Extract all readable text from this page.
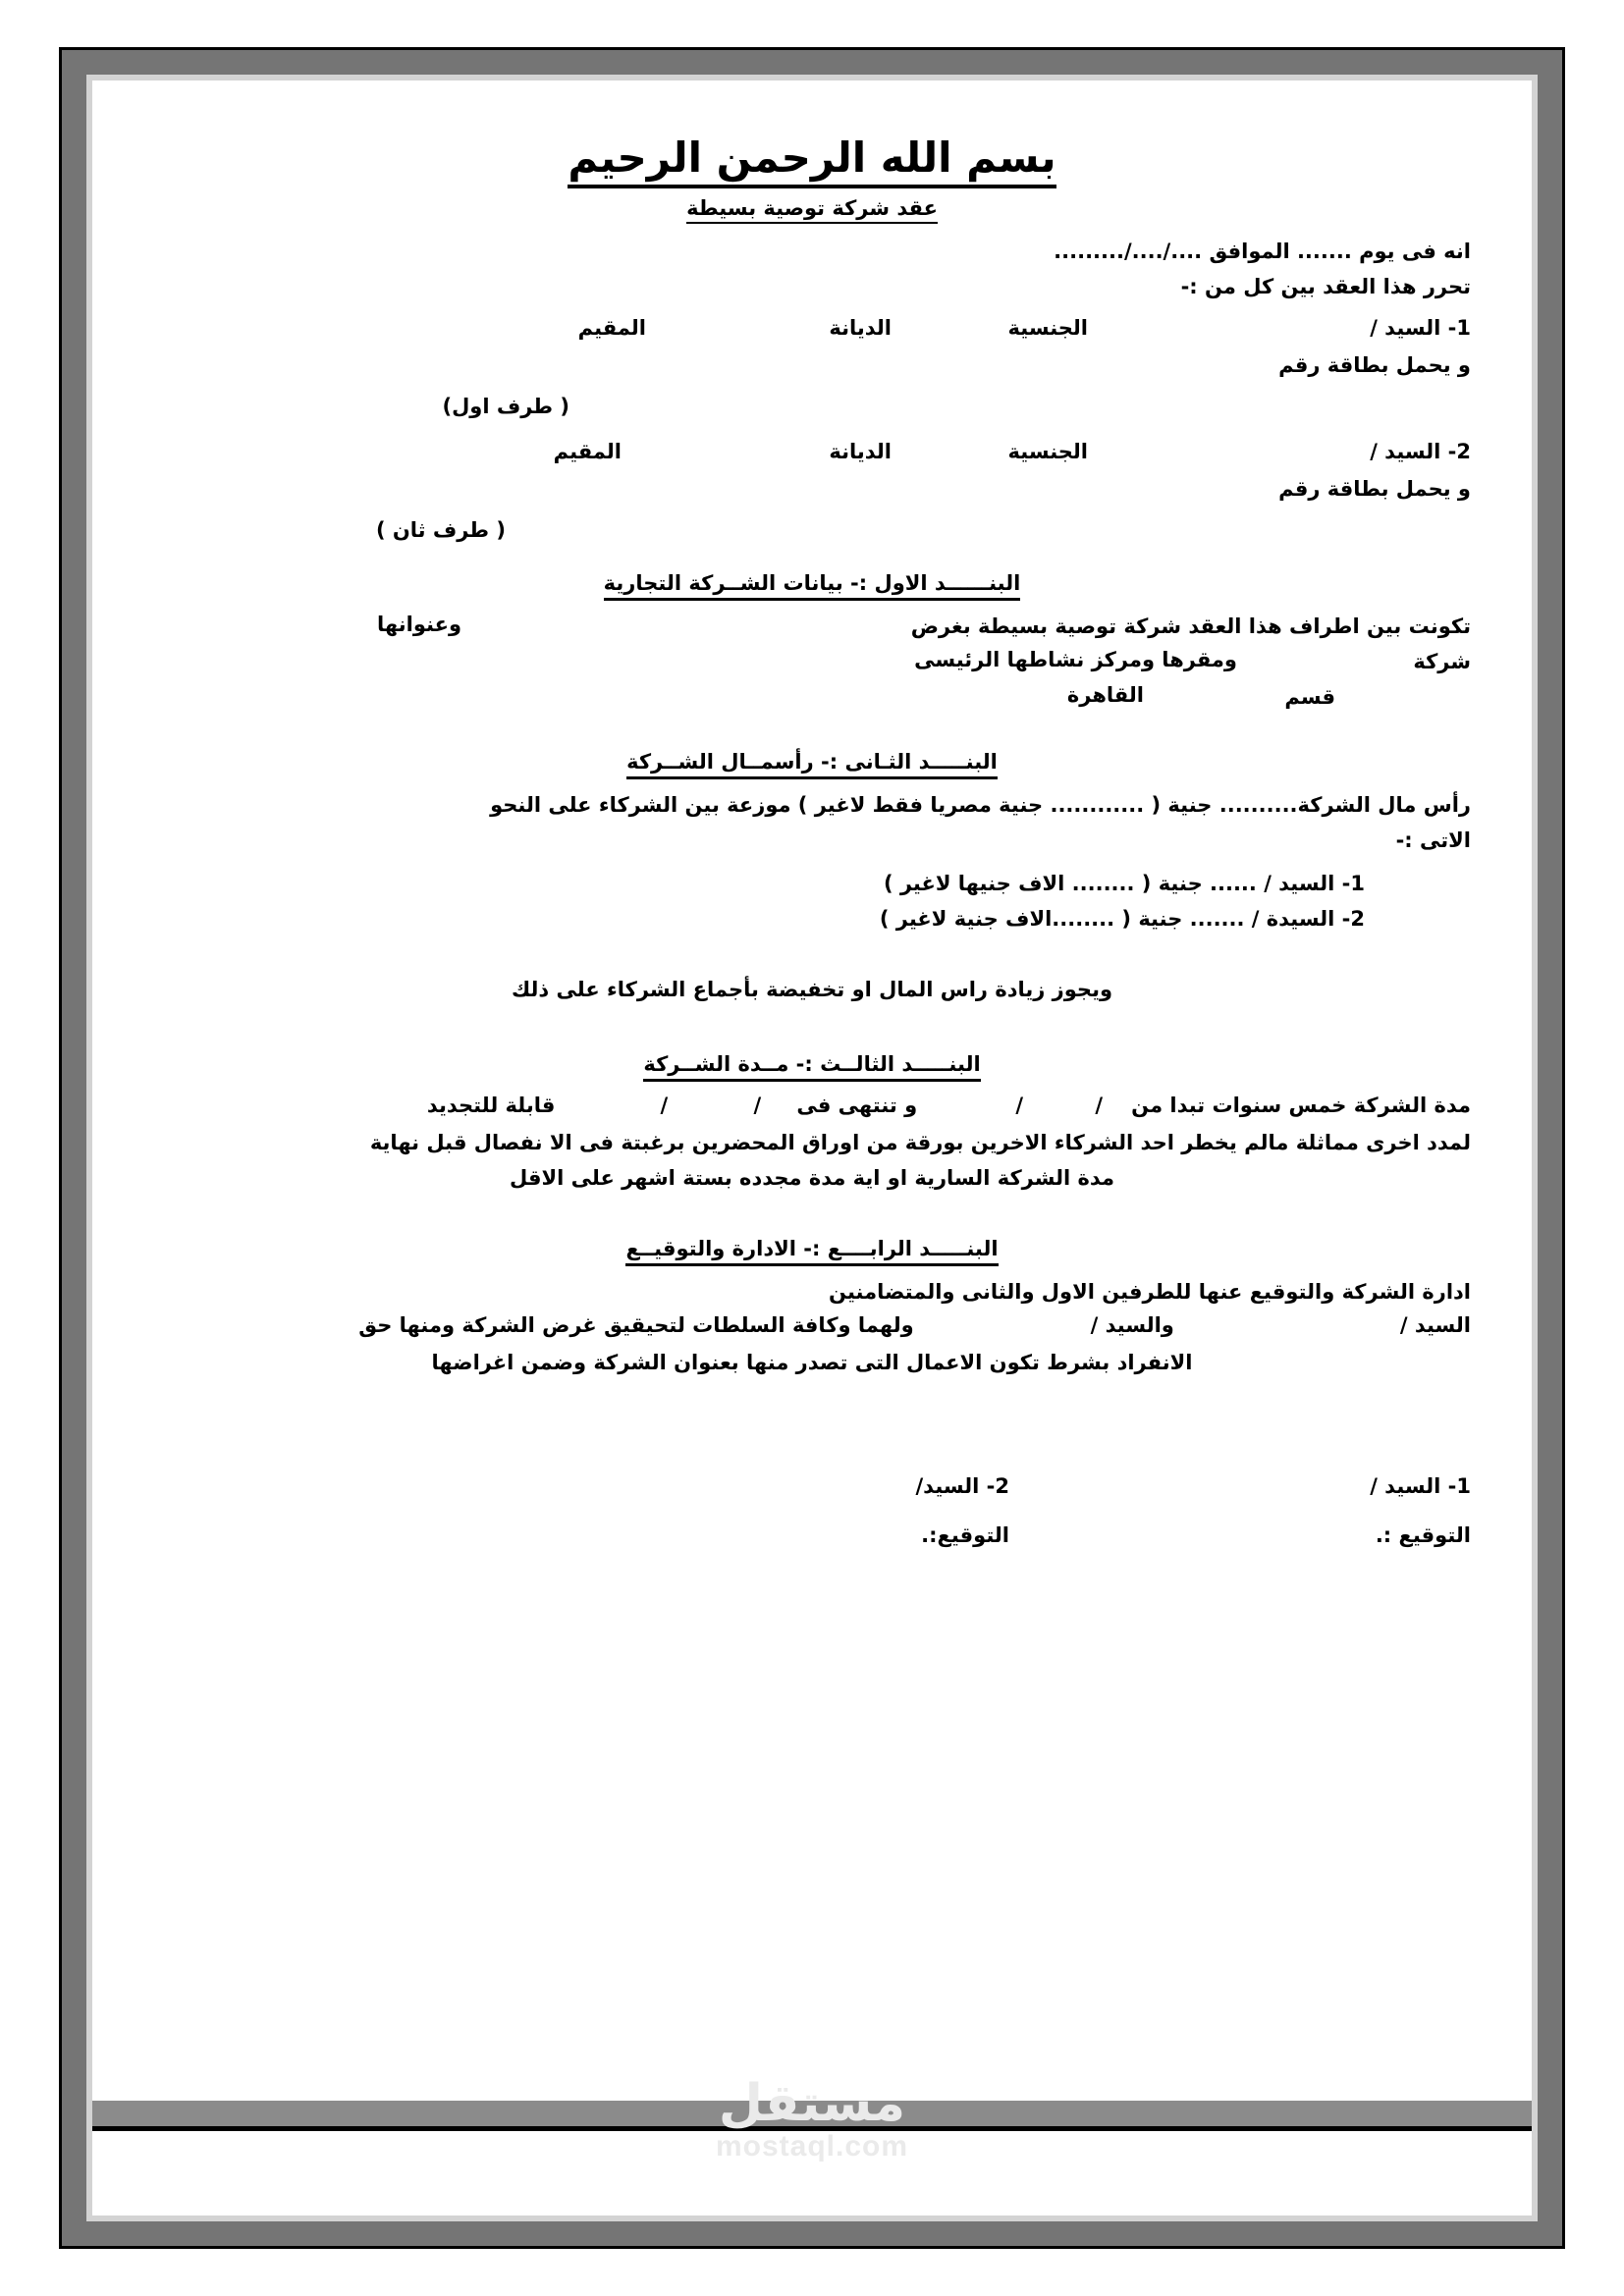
بسم الله الرحمن الرحيم
عقد شركة توصية بسيطة
انه فى يوم ....... الموافق ..../..../.........
تحرر هذا العقد بين كل من :-
1- السيد /
الجنسية
الديانة
المقيم
و يحمل بطاقة رقم
( طرف اول)
2- السيد /
الجنسية
الديانة
المقيم
و يحمل بطاقة رقم
( طرف ثان )
البنــــــد الاول :- بيانات الشــركة التجارية
تكونت بين اطراف هذا العقد شركة توصية بسيطة بغرض
وعنوانها
شركة
ومقرها ومركز نشاطها الرئيسى
قسم
القاهرة
البنـــــد الثـانى :- رأسمــال الشــركة
رأس مال الشركة.......... جنية ( ............ جنية مصريا فقط لاغير ) موزعة بين الشركاء على النحو
الاتى :-
1- السيد / ...... جنية ( ........ الاف جنيها لاغير )
2- السيدة / ....... جنية ( ........الاف جنية لاغير )
ويجوز زيادة راس المال او تخفيضة بأجماع الشركاء على ذلك
البنـــــد الثالــث :- مــدة الشــركة
مدة الشركة خمس سنوات تبدا من
/
/
و تنتهى فى
/
/
قابلة للتجديد
لمدد اخرى مماثلة مالم يخطر احد الشركاء الاخرين بورقة من اوراق المحضرين برغبتة فى الا نفصال قبل نهاية
مدة الشركة السارية او اية مدة مجدده بستة اشهر على الاقل
البنـــــد الرابــــع :- الادارة والتوقيــع
ادارة الشركة والتوقيع عنها للطرفين الاول والثانى والمتضامنين
السيد /
والسيد /
ولهما وكافة السلطات لتحيقيق غرض الشركة ومنها حق
الانفراد بشرط تكون الاعمال التى تصدر منها بعنوان الشركة وضمن اغراضها
1- السيد /
التوقيع :.
2- السيد/
التوقيع:.
مستقل
mostaql.com
